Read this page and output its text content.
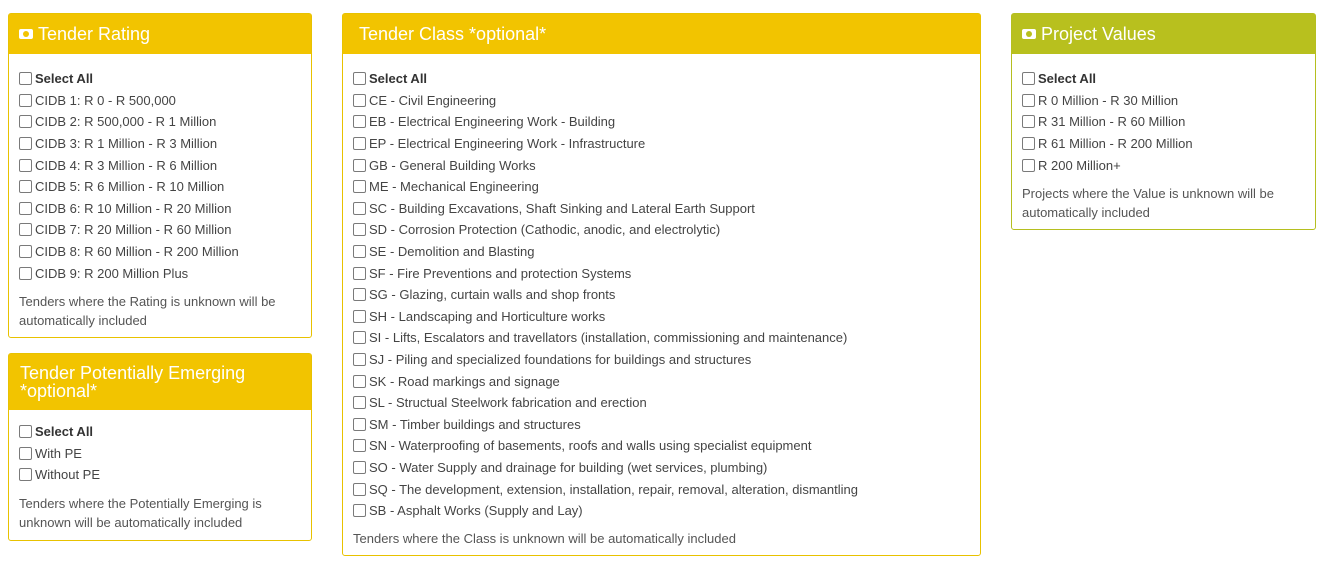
Tender Rating
Select All
CIDB 1: R 0 - R 500,000
CIDB 2: R 500,000 - R 1 Million
CIDB 3: R 1 Million - R 3 Million
CIDB 4: R 3 Million - R 6 Million
CIDB 5: R 6 Million - R 10 Million
CIDB 6: R 10 Million - R 20 Million
CIDB 7: R 20 Million - R 60 Million
CIDB 8: R 60 Million - R 200 Million
CIDB 9: R 200 Million Plus
Tenders where the Rating is unknown will be automatically included
Tender Potentially Emerging *optional*
Select All
With PE
Without PE
Tenders where the Potentially Emerging is unknown will be automatically included
Tender Class *optional*
Select All
CE - Civil Engineering
EB - Electrical Engineering Work - Building
EP - Electrical Engineering Work - Infrastructure
GB - General Building Works
ME - Mechanical Engineering
SC - Building Excavations, Shaft Sinking and Lateral Earth Support
SD - Corrosion Protection (Cathodic, anodic, and electrolytic)
SE - Demolition and Blasting
SF - Fire Preventions and protection Systems
SG - Glazing, curtain walls and shop fronts
SH - Landscaping and Horticulture works
SI - Lifts, Escalators and travellators (installation, commissioning and maintenance)
SJ - Piling and specialized foundations for buildings and structures
SK - Road markings and signage
SL - Structual Steelwork fabrication and erection
SM - Timber buildings and structures
SN - Waterproofing of basements, roofs and walls using specialist equipment
SO - Water Supply and drainage for building (wet services, plumbing)
SQ - The development, extension, installation, repair, removal, alteration, dismantling
SB - Asphalt Works (Supply and Lay)
Tenders where the Class is unknown will be automatically included
Project Values
Select All
R 0 Million - R 30 Million
R 31 Million - R 60 Million
R 61 Million - R 200 Million
R 200 Million+
Projects where the Value is unknown will be automatically included
